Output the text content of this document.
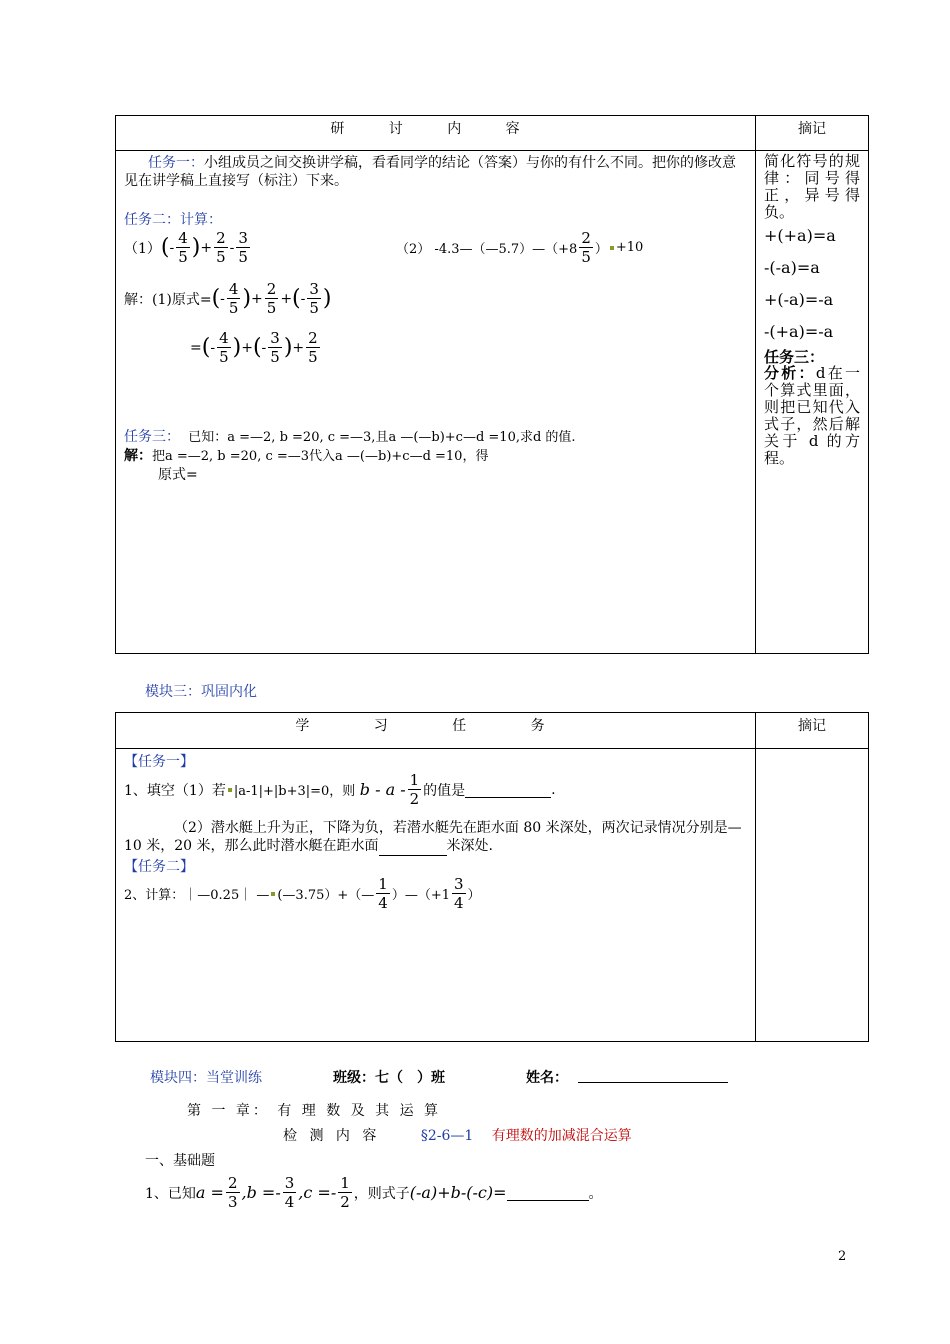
研 讨 内 容	摘记
任务一：小组成员之间交换讲学稿，看看同学的结论（答案）与你的有什么不同。把你的修改意见在讲学稿上直接写（标注）下来。
任务二：计算：
（1） ( - $\frac{4}{5}$ ) + $\frac{2}{5} - \frac{3}{5}$	（2）
-4.3—（—5.7）—（+8 $\frac{2}{5}$ ） +10
解：(1)原式= ( - $\frac{4}{5}$ ) + $\frac{2}{5}$ + ( - $\frac{3}{5}$ )
= ( - $\frac{4}{5}$ ) + ( - $\frac{3}{5}$ ) + $\frac{2}{5}$
任务三： 已知：a =—2, b =20, c =—3,且a —(—b)+c—d =10,求d 的值.
解：把a =—2, b =20, c =—3代入a —(—b)+c—d =10，得
原式=
简化符号的规律：同号得正，异号得负。
+(+a)=a
-(-a)=a
+(-a)=-a
-(+a)=-a
任务三：
分析：d在一个算式里面，则把已知代入式子，然后解关于 d 的方程。
模块三：巩固内化
学 习 任 务	摘记
【任务一】
1、填空（1）若 |a-1|+|b+3|=0，则
b - a - $\frac{1}{2}$ 的值是
	.
（2）潜水艇上升为正，下降为负，若潜水艇先在距水面 80 米深处，两次记录情况分别是—10 米，20 米，那么此时潜水艇在距水面	米深处.
【任务二】
2、计算：｜—0.25｜ — (—3.75）+（— $\frac{1}{4}$ ）—（+1 $\frac{3}{4}$ ）
模块四：当堂训练	班级：七（　）班	姓名：
第 一 章： 有 理 数 及 其 运 算
检 测 内 容	§2-6—1 有理数的加减混合运算
一、基础题
1、已知 $a = \frac{2}{3} ,b =- \frac{3}{4} ,c =- \frac{1}{2}$ ，则式子 (-a)+b-(-c)=
	。
2
